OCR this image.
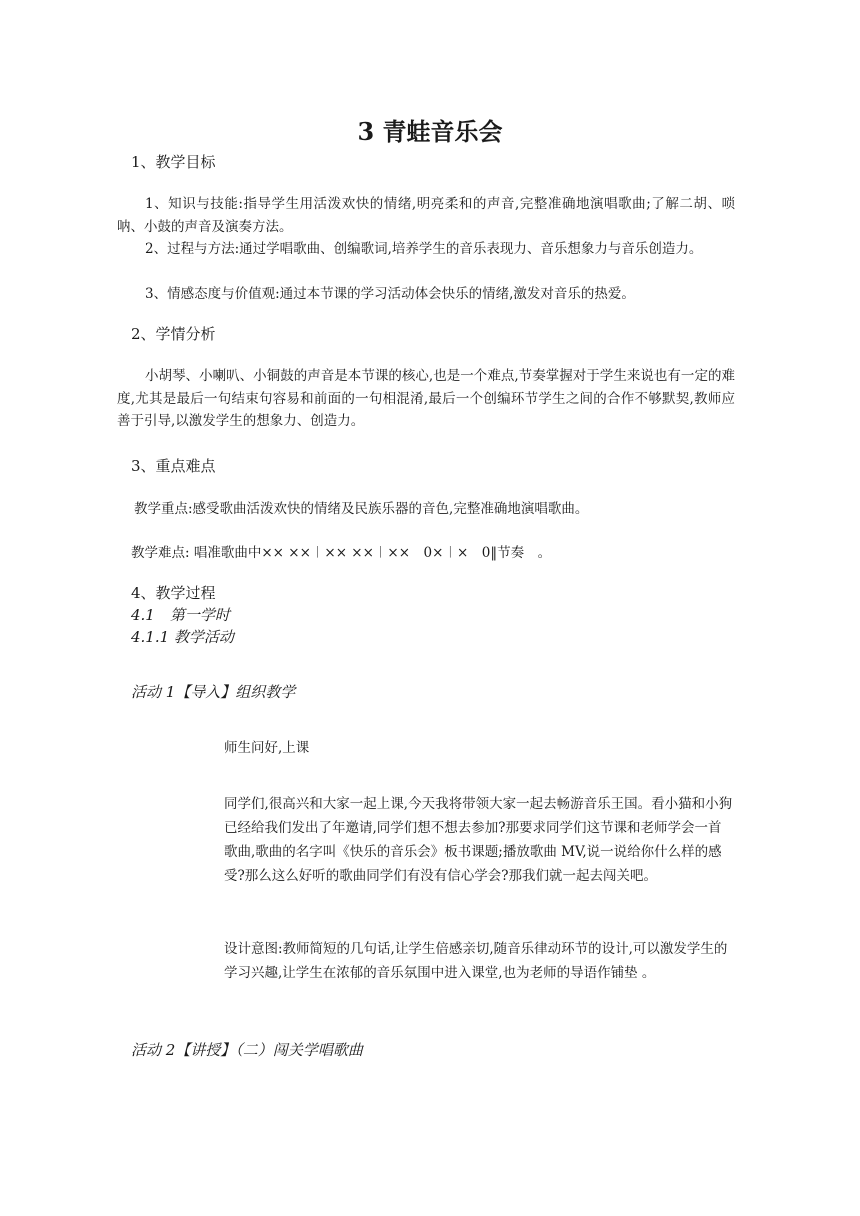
3 青蛙音乐会
1、教学目标

1、知识与技能:指导学生用活泼欢快的情绪,明亮柔和的声音,完整准确地演唱歌曲;了解二胡、唢呐、小鼓的声音及演奏方法。

2、过程与方法:通过学唱歌曲、创编歌词,培养学生的音乐表现力、音乐想象力与音乐创造力。

3、情感态度与价值观:通过本节课的学习活动体会快乐的情绪,激发对音乐的热爱。

2、学情分析

小胡琴、小喇叭、小铜鼓的声音是本节课的核心,也是一个难点,节奏掌握对于学生来说也有一定的难度,尤其是最后一句结束句容易和前面的一句相混淆,最后一个创编环节学生之间的合作不够默契,教师应善于引导,以激发学生的想象力、创造力。

3、重点难点
教学重点:感受歌曲活泼欢快的情绪及民族乐器的音色,完整准确地演唱歌曲。
教学难点: 唱准歌曲中×× ××︱×× ××︱××　0×︱×　0‖节奏　。
4、教学过程
4.1　第一学时
4.1.1 教学活动
活动 1【导入】组织教学

师生问好,上课

同学们,很高兴和大家一起上课,今天我将带领大家一起去畅游音乐王国。看小猫和小狗已经给我们发出了年邀请,同学们想不想去参加?那要求同学们这节课和老师学会一首歌曲,歌曲的名字叫《快乐的音乐会》板书课题;播放歌曲 MV,说一说给你什么样的感受?那么这么好听的歌曲同学们有没有信心学会?那我们就一起去闯关吧。

设计意图:教师简短的几句话,让学生倍感亲切,随音乐律动环节的设计,可以激发学生的学习兴趣,让学生在浓郁的音乐氛围中进入课堂,也为老师的导语作铺垫 。

活动 2【讲授】（二）闯关学唱歌曲
